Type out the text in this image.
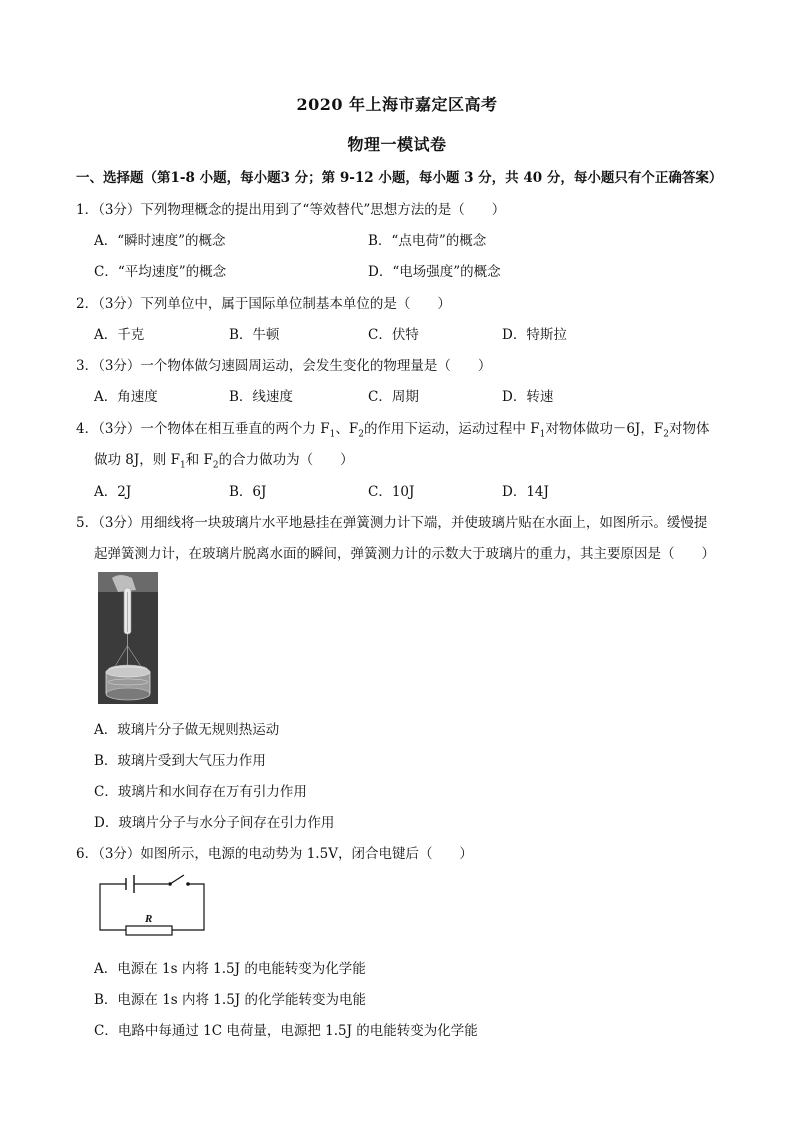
2020 年上海市嘉定区高考
物理一模试卷
一、选择题（第1-8 小题，每小题3 分；第 9-12 小题，每小题 3 分，共 40 分，每小题只有个正确答案）
1．（3分）下列物理概念的提出用到了“等效替代”思想方法的是（　　）
A．“瞬时速度”的概念	B．“点电荷”的概念
C．“平均速度”的概念	D．“电场强度”的概念
2．（3分）下列单位中，属于国际单位制基本单位的是（　　）
A．千克	B．牛顿	C．伏特	D．特斯拉
3．（3分）一个物体做匀速圆周运动，会发生变化的物理量是（　　）
A．角速度	B．线速度	C．周期	D．转速
4．（3分）一个物体在相互垂直的两个力 $F_1$、$F_2$的作用下运动，运动过程中 $F_1$对物体做功－6J，$F_2$对物体
做功 8J，则 $F_1$和 $F_2$的合力做功为（　　）
A．2J	B．6J	C．10J	D．14J
5．（3分）用细线将一块玻璃片水平地悬挂在弹簧测力计下端，并使玻璃片贴在水面上，如图所示。缓慢提
起弹簧测力计，在玻璃片脱离水面的瞬间，弹簧测力计的示数大于玻璃片的重力，其主要原因是（　　）
A．玻璃片分子做无规则热运动
B．玻璃片受到大气压力作用
C．玻璃片和水间存在万有引力作用
D．玻璃片分子与水分子间存在引力作用
6．（3分）如图所示，电源的电动势为 1.5V，闭合电键后（　　）
R
A．电源在 1s 内将 1.5J 的电能转变为化学能
B．电源在 1s 内将 1.5J 的化学能转变为电能
C．电路中每通过 1C 电荷量，电源把 1.5J 的电能转变为化学能
